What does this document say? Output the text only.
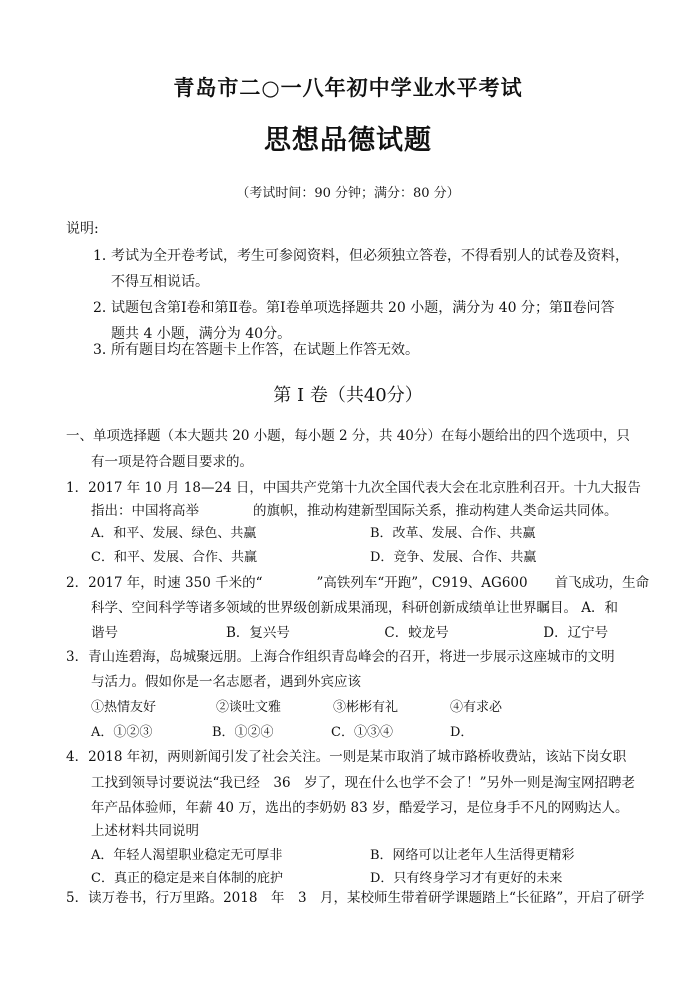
青岛市二○一八年初中学业水平考试
思想品德试题
（考试时间：90 分钟；满分：80 分）
说明:
1．考试为全开卷考试，考生可参阅资料，但必须独立答卷，不得看别人的试卷及资料，
不得互相说话。
2．试题包含第Ⅰ卷和第Ⅱ卷。第Ⅰ卷单项选择题共 20 小题，满分为 40 分；第Ⅱ卷问答
题共 4 小题，满分为 40分。
3．所有题目均在答题卡上作答，在试题上作答无效。
第 I 卷（共40分）
一、单项选择题（本大题共 20 小题，每小题 2 分，共 40分）在每小题给出的四个选项中，只
有一项是符合题目要求的。
1．2017 年 10 月 18—24 日，中国共产党第十九次全国代表大会在北京胜利召开。十九大报告
指出：中国将高举　　　　的旗帜，推动构建新型国际关系，推动构建人类命运共同体。
A．和平、发展、绿色、共赢	B．改革、发展、合作、共赢
C．和平、发展、合作、共赢	D．竞争、发展、合作、共赢
2．2017 年，时速 350 千米的“　　　　”高铁列车“开跑”，C919、AG600　　首飞成功，生命
科学、空间科学等诸多领域的世界级创新成果涌现，科研创新成绩单让世界瞩目。 A．和
谐号　　　　　　　　B．复兴号　　　　　　　C．蛟龙号　　　　　　　D．辽宁号
3．青山连碧海，岛城聚远朋。上海合作组织青岛峰会的召开，将进一步展示这座城市的文明
与活力。假如你是一名志愿者，遇到外宾应该
①热情友好	②谈吐文雅	③彬彬有礼	④有求必
A．①②③	B．①②④	C．①③④	D．
4．2018 年初，两则新闻引发了社会关注。一则是某市取消了城市路桥收费站，该站下岗女职
工找到领导讨要说法“我已经　36　岁了，现在什么也学不会了！”另外一则是淘宝网招聘老
年产品体验师，年薪 40 万，选出的李奶奶 83 岁，酷爱学习，是位身手不凡的网购达人。
上述材料共同说明
A．年轻人渴望职业稳定无可厚非	B．网络可以让老年人生活得更精彩
C．真正的稳定是来自体制的庇护	D．只有终身学习才有更好的未来
5．读万卷书，行万里路。2018　年　3　月，某校师生带着研学课题踏上“长征路”，开启了研学
